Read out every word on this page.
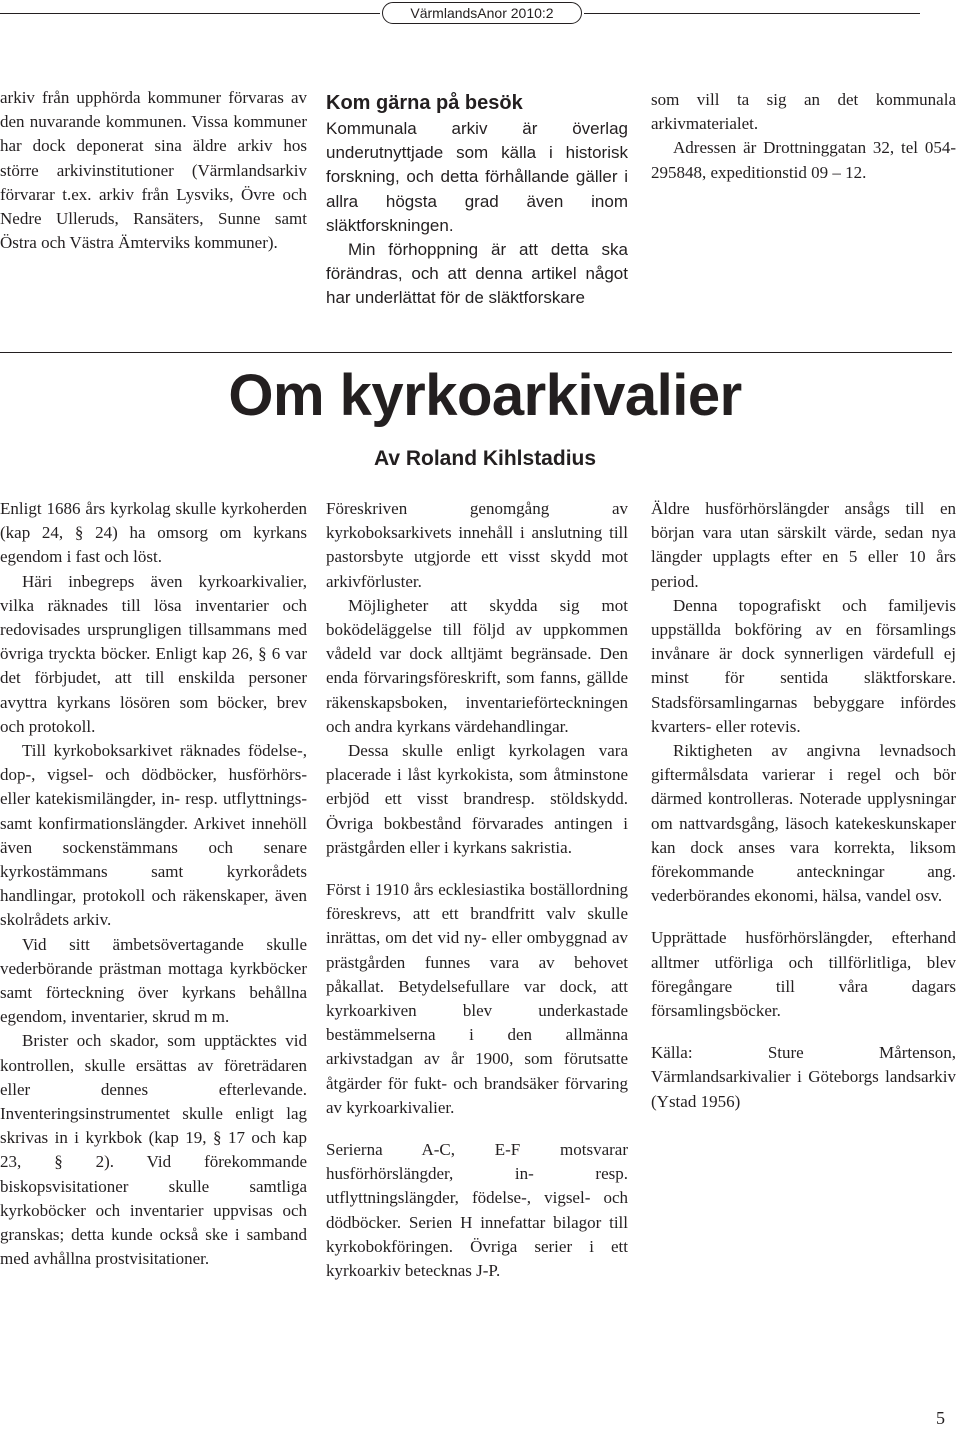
VärmlandsAnor 2010:2

arkiv från upphörda kommuner förvaras av den nuvarande kommunen. Vissa kommuner har dock deponerat sina äldre arkiv hos större arkivinstitutioner (Värmlandsarkiv förvarar t.ex. arkiv från Lysviks, Övre och Nedre Ulleruds, Ransäters, Sunne samt Östra och Västra Ämterviks kommuner).

Kom gärna på besök

Kommunala arkiv är överlag underutnyttjade som källa i historisk forskning, och detta förhållande gäller i allra högsta grad även inom släktforskningen.

Min förhoppning är att detta ska förändras, och att denna artikel något har underlättat för de släktforskare

som vill ta sig an det kommunala arkivmaterialet.

Adressen är Drottninggatan 32, tel 054-295848, expeditionstid 09 – 12.

Om kyrkoarkivalier
Av Roland Kihlstadius

Enligt 1686 års kyrkolag skulle kyrkoherden (kap 24, § 24) ha omsorg om kyrkans egendom i fast och löst.

Häri inbegreps även kyrkoarkivalier, vilka räknades till lösa inventarier och redovisades ursprungligen tillsammans med övriga tryckta böcker. Enligt kap 26, § 6 var det förbjudet, att till enskilda personer avyttra kyrkans lösören som böcker, brev och protokoll.

Till kyrkoboksarkivet räknades födelse-, dop-, vigsel- och dödböcker, husförhörs- eller katekismilängder, in- resp. utflyttnings- samt konfirmationslängder. Arkivet innehöll även sockenstämmans och senare kyrkostämmans samt kyrkorådets handlingar, protokoll och räkenskaper, även skolrådets arkiv.

Vid sitt ämbetsövertagande skulle vederbörande prästman mottaga kyrkböcker samt förteckning över kyrkans behållna egendom, inventarier, skrud m m.

Brister och skador, som upptäcktes vid kontrollen, skulle ersättas av företrädaren eller dennes efterlevande. Inventeringsinstrumentet skulle enligt lag skrivas in i kyrkbok (kap 19, § 17 och kap 23, § 2). Vid förekommande biskopsvisitationer skulle samtliga kyrkoböcker och inventarier uppvisas och granskas; detta kunde också ske i samband med avhållna prostvisitationer.

Föreskriven genomgång av kyrkoboksarkivets innehåll i anslutning till pastorsbyte utgjorde ett visst skydd mot arkivförluster.

Möjligheter att skydda sig mot boködeläggelse till följd av uppkommen vådeld var dock alltjämt begränsade. Den enda förvaringsföreskrift, som fanns, gällde räkenskapsboken, inventarieförteckningen och andra kyrkans värdehandlingar.

Dessa skulle enligt kyrkolagen vara placerade i låst kyrkokista, som åtminstone erbjöd ett visst brandresp. stöldskydd. Övriga bokbestånd förvarades antingen i prästgården eller i kyrkans sakristia.

Först i 1910 års ecklesiastika boställordning föreskrevs, att ett brandfritt valv skulle inrättas, om det vid ny- eller ombyggnad av prästgården funnes vara av behovet påkallat. Betydelsefullare var dock, att kyrkoarkiven blev underkastade bestämmelserna i den allmänna arkivstadgan av år 1900, som förutsatte åtgärder för fukt- och brandsäker förvaring av kyrkoarkivalier.

Serierna A-C, E-F motsvarar husförhörslängder, in- resp. utflyttningslängder, födelse-, vigsel- och dödböcker. Serien H innefattar bilagor till kyrkobokföringen. Övriga serier i ett kyrkoarkiv betecknas J-P.

Äldre husförhörslängder ansågs till en början vara utan särskilt värde, sedan nya längder upplagts efter en 5 eller 10 års period.

Denna topografiskt och familjevis uppställda bokföring av en församlings invånare är dock synnerligen värdefull ej minst för sentida släktforskare. Stadsförsamlingarnas bebyggare infördes kvarters- eller rotevis.

Riktigheten av angivna levnadsoch giftermålsdata varierar i regel och bör därmed kontrolleras. Noterade upplysningar om nattvardsgång, läsoch katekeskunskaper kan dock anses vara korrekta, liksom förekommande anteckningar ang. vederbörandes ekonomi, hälsa, vandel osv.

Upprättade husförhörslängder, efterhand alltmer utförliga och tillförlitliga, blev föregångare till våra dagars församlingsböcker.

Källa: Sture Mårtenson, Värmlandsarkivalier i Göteborgs landsarkiv (Ystad 1956)

5
